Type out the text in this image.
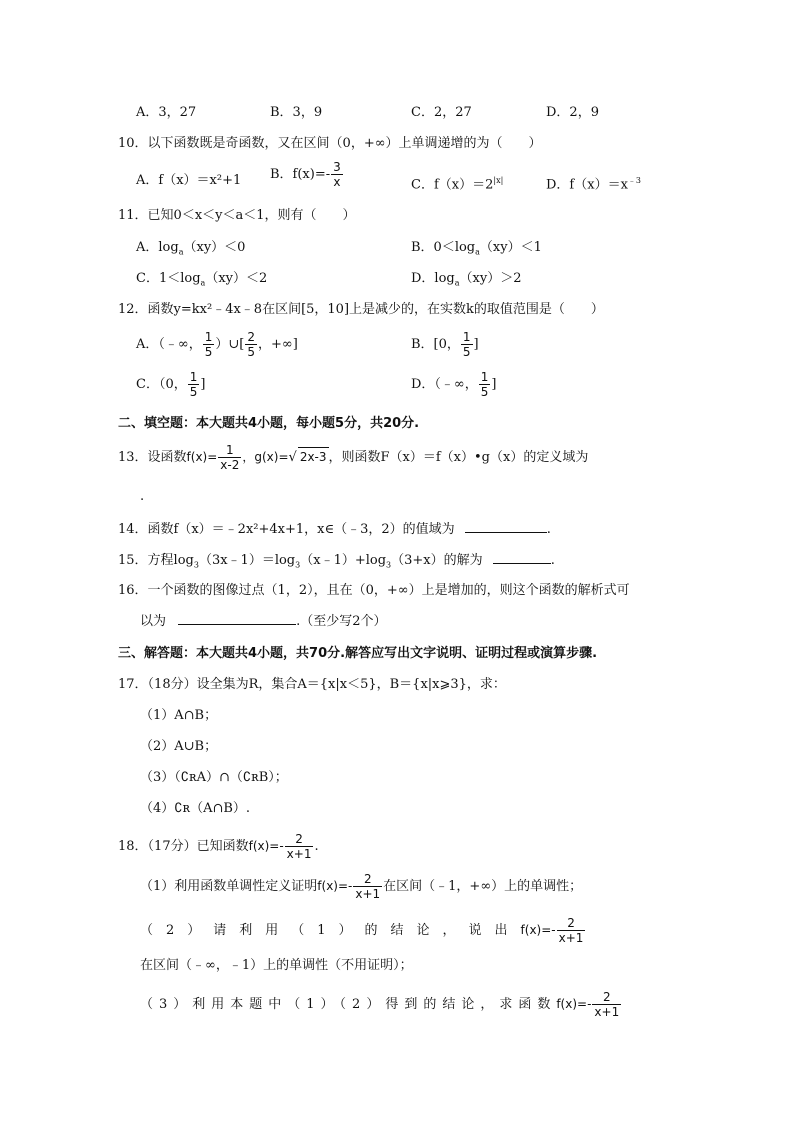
A．3，27	B．3，9	C．2，27	D．2，9
10．以下函数既是奇函数，又在区间（0，+∞）上单调递增的为（　　）
A．f（x）＝x²+1 B．$f(x)=- \frac{3}{x}$	C．$f(x)=2^{|x|}$	D．$f(x)=x^{﹣3}$
11．已知0＜x＜y＜a＜1，则有（　　）
A．$\log_a(xy)<0$	B．$0<\log_a(xy)<1$
C．$1<\log_a(xy)<2$	D．$\log_a(xy)>2$
12．函数y=kx²﹣4x﹣8在区间[5，10]上是减少的，在实数k的取值范围是（　　）
A．（﹣∞， $\frac{1}{5}$ ）∪[ $\frac{2}{5}$ ，+∞]	B．[0， $\frac{1}{5}$ ]
C．（0， $\frac{1}{5}$ ]	D．（﹣∞， $\frac{1}{5}$ ]
二、填空题：本大题共4小题，每小题5分，共20分.
13．设函数$f(x)= \frac{1}{x-2}$ ，g(x)=√ 2x-3 ，则函数F（x）＝f（x）•g（x）的定义域为
.
14．函数f（x）＝﹣2x²+4x+1，x∈（﹣3，2）的值域为	.
15．方程$\log_3(3x﹣1)=\log_3(x﹣1)+\log_3(3+x)$的解为	.
16．一个函数的图像过点（1，2），且在（0，+∞）上是增加的，则这个函数的解析式可
以为	.（至少写2个）
三、解答题：本大题共4小题，共70分.解答应写出文字说明、证明过程或演算步骤.
17．（18分）设全集为R，集合A＝{x|x＜5}，B＝{x|x⩾3}，求：
（1）A∩B；
（2）A∪B；
（3）（∁ʀA）∩（∁ʀB）；
（4）∁ʀ（A∩B）.
18．（17分）已知函数$f(x)=- \frac{2}{x+1}$ .
（1）利用函数单调性定义证明$f(x)=- \frac{2}{x+1}$ 在区间（﹣1，+∞）上的单调性；
（2）请利用（1）的结论，说出$f(x)=- \frac{2}{x+1}$
在区间（﹣∞，﹣1）上的单调性（不用证明）；
（3）利用本题中（1）（2）得到的结论，求函数$f(x)=- \frac{2}{x+1}$
